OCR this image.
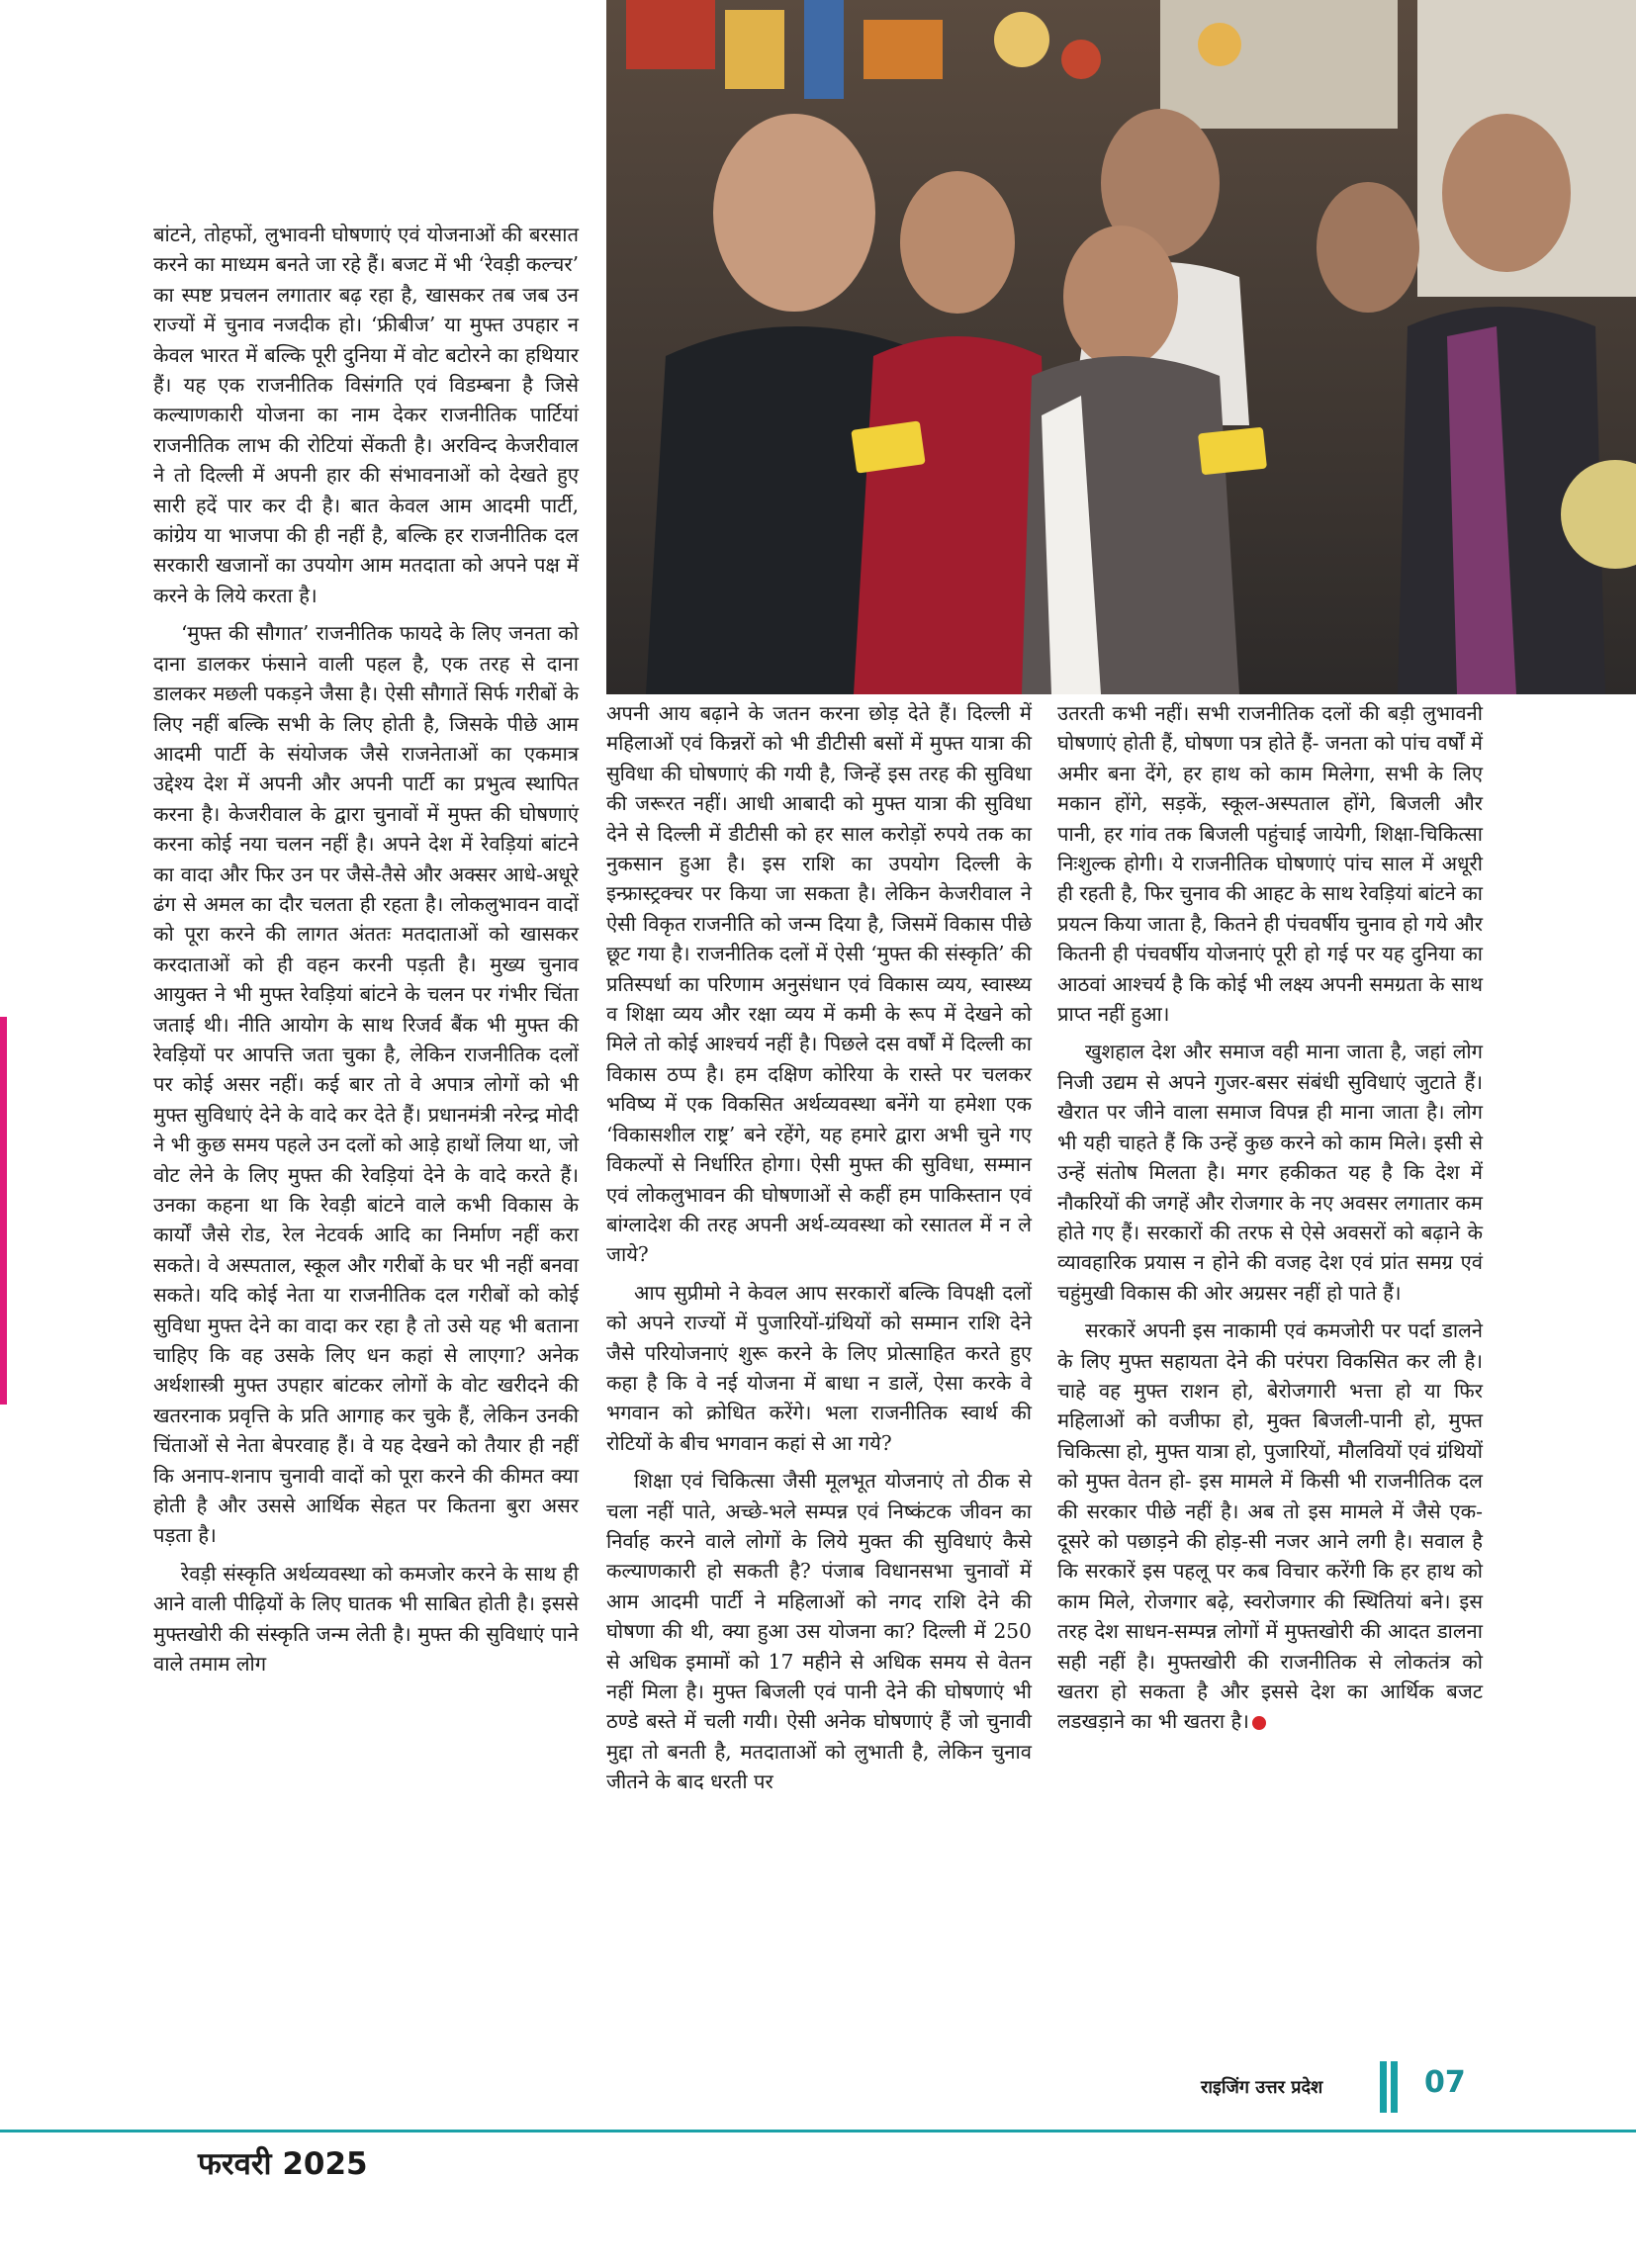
बांटने, तोहफों, लुभावनी घोषणाएं एवं योजनाओं की बरसात करने का माध्यम बनते जा रहे हैं। बजट में भी ‘रेवड़ी कल्चर’ का स्पष्ट प्रचलन लगातार बढ़ रहा है, खासकर तब जब उन राज्यों में चुनाव नजदीक हो। ‘फ्रीबीज’ या मुफ्त उपहार न केवल भारत में बल्कि पूरी दुनिया में वोट बटोरने का हथियार हैं। यह एक राजनीतिक विसंगति एवं विडम्बना है जिसे कल्याणकारी योजना का नाम देकर राजनीतिक पार्टियां राजनीतिक लाभ की रोटियां सेंकती है। अरविन्द केजरीवाल ने तो दिल्ली में अपनी हार की संभावनाओं को देखते हुए सारी हदें पार कर दी है। बात केवल आम आदमी पार्टी, कांग्रेय या भाजपा की ही नहीं है, बल्कि हर राजनीतिक दल सरकारी खजानों का उपयोग आम मतदाता को अपने पक्ष में करने के लिये करता है।

‘मुफ्त की सौगात’ राजनीतिक फायदे के लिए जनता को दाना डालकर फंसाने वाली पहल है, एक तरह से दाना डालकर मछली पकड़ने जैसा है। ऐसी सौगातें सिर्फ गरीबों के लिए नहीं बल्कि सभी के लिए होती है, जिसके पीछे आम आदमी पार्टी के संयोजक जैसे राजनेताओं का एकमात्र उद्देश्य देश में अपनी और अपनी पार्टी का प्रभुत्व स्थापित करना है। केजरीवाल के द्वारा चुनावों में मुफ्त की घोषणाएं करना कोई नया चलन नहीं है। अपने देश में रेवड़ियां बांटने का वादा और फिर उन पर जैसे-तैसे और अक्सर आधे-अधूरे ढंग से अमल का दौर चलता ही रहता है। लोकलुभावन वादों को पूरा करने की लागत अंततः मतदाताओं को खासकर करदाताओं को ही वहन करनी पड़ती है। मुख्य चुनाव आयुक्त ने भी मुफ्त रेवड़ियां बांटने के चलन पर गंभीर चिंता जताई थी। नीति आयोग के साथ रिजर्व बैंक भी मुफ्त की रेवड़ियों पर आपत्ति जता चुका है, लेकिन राजनीतिक दलों पर कोई असर नहीं। कई बार तो वे अपात्र लोगों को भी मुफ्त सुविधाएं देने के वादे कर देते हैं। प्रधानमंत्री नरेन्द्र मोदी ने भी कुछ समय पहले उन दलों को आड़े हाथों लिया था, जो वोट लेने के लिए मुफ्त की रेवड़ियां देने के वादे करते हैं। उनका कहना था कि रेवड़ी बांटने वाले कभी विकास के कार्यों जैसे रोड, रेल नेटवर्क आदि का निर्माण नहीं करा सकते। वे अस्पताल, स्कूल और गरीबों के घर भी नहीं बनवा सकते। यदि कोई नेता या राजनीतिक दल गरीबों को कोई सुविधा मुफ्त देने का वादा कर रहा है तो उसे यह भी बताना चाहिए कि वह उसके लिए धन कहां से लाएगा? अनेक अर्थशास्त्री मुफ्त उपहार बांटकर लोगों के वोट खरीदने की खतरनाक प्रवृत्ति के प्रति आगाह कर चुके हैं, लेकिन उनकी चिंताओं से नेता बेपरवाह हैं। वे यह देखने को तैयार ही नहीं कि अनाप-शनाप चुनावी वादों को पूरा करने की कीमत क्या होती है और उससे आर्थिक सेहत पर कितना बुरा असर पड़ता है।

रेवड़ी संस्कृति अर्थव्यवस्था को कमजोर करने के साथ ही आने वाली पीढ़ियों के लिए घातक भी साबित होती है। इससे मुफ्तखोरी की संस्कृति जन्म लेती है। मुफ्त की सुविधाएं पाने वाले तमाम लोग

अपनी आय बढ़ाने के जतन करना छोड़ देते हैं। दिल्ली में महिलाओं एवं किन्नरों को भी डीटीसी बसों में मुफ्त यात्रा की सुविधा की घोषणाएं की गयी है, जिन्हें इस तरह की सुविधा की जरूरत नहीं। आधी आबादी को मुफ्त यात्रा की सुविधा देने से दिल्ली में डीटीसी को हर साल करोड़ों रुपये तक का नुकसान हुआ है। इस राशि का उपयोग दिल्ली के इन्फ्रास्ट्रक्चर पर किया जा सकता है। लेकिन केजरीवाल ने ऐसी विकृत राजनीति को जन्म दिया है, जिसमें विकास पीछे छूट गया है। राजनीतिक दलों में ऐसी ‘मुफ्त की संस्कृति’ की प्रतिस्पर्धा का परिणाम अनुसंधान एवं विकास व्यय, स्वास्थ्य व शिक्षा व्यय और रक्षा व्यय में कमी के रूप में देखने को मिले तो कोई आश्चर्य नहीं है। पिछले दस वर्षों में दिल्ली का विकास ठप्प है। हम दक्षिण कोरिया के रास्ते पर चलकर भविष्य में एक विकसित अर्थव्यवस्था बनेंगे या हमेशा एक ‘विकासशील राष्ट्र’ बने रहेंगे, यह हमारे द्वारा अभी चुने गए विकल्पों से निर्धारित होगा। ऐसी मुफ्त की सुविधा, सम्मान एवं लोकलुभावन की घोषणाओं से कहीं हम पाकिस्तान एवं बांग्लादेश की तरह अपनी अर्थ-व्यवस्था को रसातल में न ले जाये?

आप सुप्रीमो ने केवल आप सरकारों बल्कि विपक्षी दलों को अपने राज्यों में पुजारियों-ग्रंथियों को सम्मान राशि देने जैसे परियोजनाएं शुरू करने के लिए प्रोत्साहित करते हुए कहा है कि वे नई योजना में बाधा न डालें, ऐसा करके वे भगवान को क्रोधित करेंगे। भला राजनीतिक स्वार्थ की रोटियों के बीच भगवान कहां से आ गये?

शिक्षा एवं चिकित्सा जैसी मूलभूत योजनाएं तो ठीक से चला नहीं पाते, अच्छे-भले सम्पन्न एवं निष्कंटक जीवन का निर्वाह करने वाले लोगों के लिये मुक्त की सुविधाएं कैसे कल्याणकारी हो सकती है? पंजाब विधानसभा चुनावों में आम आदमी पार्टी ने महिलाओं को नगद राशि देने की घोषणा की थी, क्या हुआ उस योजना का? दिल्ली में 250 से अधिक इमामों को 17 महीने से अधिक समय से वेतन नहीं मिला है। मुफ्त बिजली एवं पानी देने की घोषणाएं भी ठण्डे बस्ते में चली गयी। ऐसी अनेक घोषणाएं हैं जो चुनावी मुद्दा तो बनती है, मतदाताओं को लुभाती है, लेकिन चुनाव जीतने के बाद धरती पर

उतरती कभी नहीं। सभी राजनीतिक दलों की बड़ी लुभावनी घोषणाएं होती हैं, घोषणा पत्र होते हैं- जनता को पांच वर्षों में अमीर बना देंगे, हर हाथ को काम मिलेगा, सभी के लिए मकान होंगे, सड़कें, स्कूल-अस्पताल होंगे, बिजली और पानी, हर गांव तक बिजली पहुंचाई जायेगी, शिक्षा-चिकित्सा निःशुल्क होगी। ये राजनीतिक घोषणाएं पांच साल में अधूरी ही रहती है, फिर चुनाव की आहट के साथ रेवड़ियां बांटने का प्रयत्न किया जाता है, कितने ही पंचवर्षीय चुनाव हो गये और कितनी ही पंचवर्षीय योजनाएं पूरी हो गई पर यह दुनिया का आठवां आश्चर्य है कि कोई भी लक्ष्य अपनी समग्रता के साथ प्राप्त नहीं हुआ।

खुशहाल देश और समाज वही माना जाता है, जहां लोग निजी उद्यम से अपने गुजर-बसर संबंधी सुविधाएं जुटाते हैं। खैरात पर जीने वाला समाज विपन्न ही माना जाता है। लोग भी यही चाहते हैं कि उन्हें कुछ करने को काम मिले। इसी से उन्हें संतोष मिलता है। मगर हकीकत यह है कि देश में नौकरियों की जगहें और रोजगार के नए अवसर लगातार कम होते गए हैं। सरकारों की तरफ से ऐसे अवसरों को बढ़ाने के व्यावहारिक प्रयास न होने की वजह देश एवं प्रांत समग्र एवं चहुंमुखी विकास की ओर अग्रसर नहीं हो पाते हैं।

सरकारें अपनी इस नाकामी एवं कमजोरी पर पर्दा डालने के लिए मुफ्त सहायता देने की परंपरा विकसित कर ली है। चाहे वह मुफ्त राशन हो, बेरोजगारी भत्ता हो या फिर महिलाओं को वजीफा हो, मुक्त बिजली-पानी हो, मुफ्त चिकित्सा हो, मुफ्त यात्रा हो, पुजारियों, मौलवियों एवं ग्रंथियों को मुफ्त वेतन हो- इस मामले में किसी भी राजनीतिक दल की सरकार पीछे नहीं है। अब तो इस मामले में जैसे एक-दूसरे को पछाड़ने की होड़-सी नजर आने लगी है। सवाल है कि सरकारें इस पहलू पर कब विचार करेंगी कि हर हाथ को काम मिले, रोजगार बढ़े, स्वरोजगार की स्थितियां बने। इस तरह देश साधन-सम्पन्न लोगों में मुफ्तखोरी की आदत डालना सही नहीं है। मुफ्तखोरी की राजनीतिक से लोकतंत्र को खतरा हो सकता है और इससे देश का आर्थिक बजट लडखड़ाने का भी खतरा है।

राइजिंग उत्तर प्रदेश	07
फरवरी 2025
